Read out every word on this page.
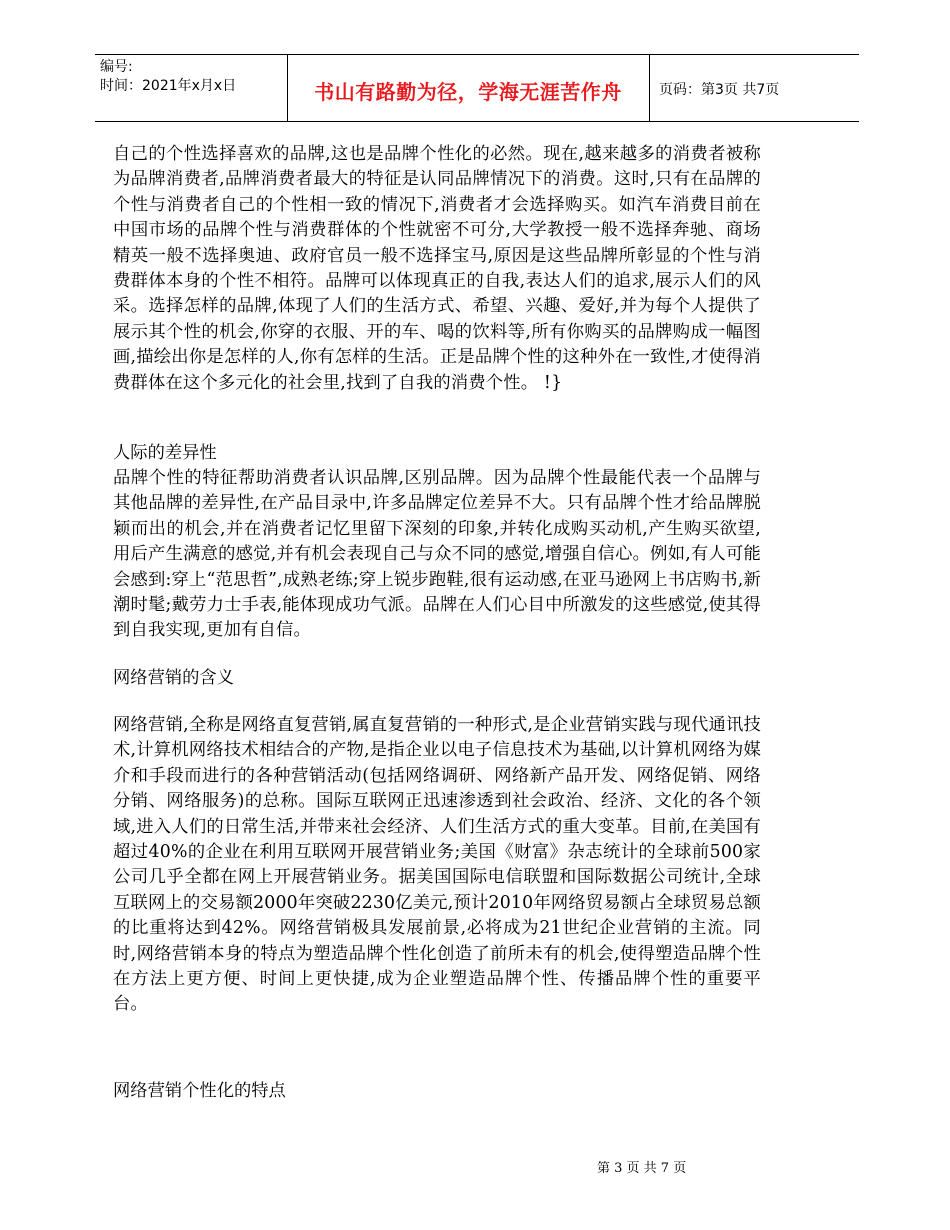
编号:
时间：2021年x月x日	书山有路勤为径，学海无涯苦作舟	页码：第3页 共7页

自己的个性选择喜欢的品牌,这也是品牌个性化的必然。现在,越来越多的消费者被称为品牌消费者,品牌消费者最大的特征是认同品牌情况下的消费。这时,只有在品牌的个性与消费者自己的个性相一致的情况下,消费者才会选择购买。如汽车消费目前在中国市场的品牌个性与消费群体的个性就密不可分,大学教授一般不选择奔驰、商场精英一般不选择奥迪、政府官员一般不选择宝马,原因是这些品牌所彰显的个性与消费群体本身的个性不相符。品牌可以体现真正的自我,表达人们的追求,展示人们的风采。选择怎样的品牌,体现了人们的生活方式、希望、兴趣、爱好,并为每个人提供了展示其个性的机会,你穿的衣服、开的车、喝的饮料等,所有你购买的品牌购成一幅图画,描绘出你是怎样的人,你有怎样的生活。正是品牌个性的这种外在一致性,才使得消费群体在这个多元化的社会里,找到了自我的消费个性。 !}

人际的差异性
品牌个性的特征帮助消费者认识品牌,区别品牌。因为品牌个性最能代表一个品牌与其他品牌的差异性,在产品目录中,许多品牌定位差异不大。只有品牌个性才给品牌脱颖而出的机会,并在消费者记忆里留下深刻的印象,并转化成购买动机,产生购买欲望,用后产生满意的感觉,并有机会表现自己与众不同的感觉,增强自信心。例如,有人可能会感到:穿上“范思哲”,成熟老练;穿上锐步跑鞋,很有运动感,在亚马逊网上书店购书,新潮时髦;戴劳力士手表,能体现成功气派。品牌在人们心目中所激发的这些感觉,使其得到自我实现,更加有自信。
网络营销的含义
网络营销,全称是网络直复营销,属直复营销的一种形式,是企业营销实践与现代通讯技术,计算机网络技术相结合的产物,是指企业以电子信息技术为基础,以计算机网络为媒介和手段而进行的各种营销活动(包括网络调研、网络新产品开发、网络促销、网络分销、网络服务)的总称。国际互联网正迅速渗透到社会政治、经济、文化的各个领域,进入人们的日常生活,并带来社会经济、人们生活方式的重大变革。目前,在美国有超过40%的企业在利用互联网开展营销业务;美国《财富》杂志统计的全球前500家公司几乎全都在网上开展营销业务。据美国国际电信联盟和国际数据公司统计,全球互联网上的交易额2000年突破2230亿美元,预计2010年网络贸易额占全球贸易总额的比重将达到42%。网络营销极具发展前景,必将成为21世纪企业营销的主流。同时,网络营销本身的特点为塑造品牌个性化创造了前所未有的机会,使得塑造品牌个性在方法上更方便、时间上更快捷,成为企业塑造品牌个性、传播品牌个性的重要平台。
网络营销个性化的特点
第 3 页 共 7 页
